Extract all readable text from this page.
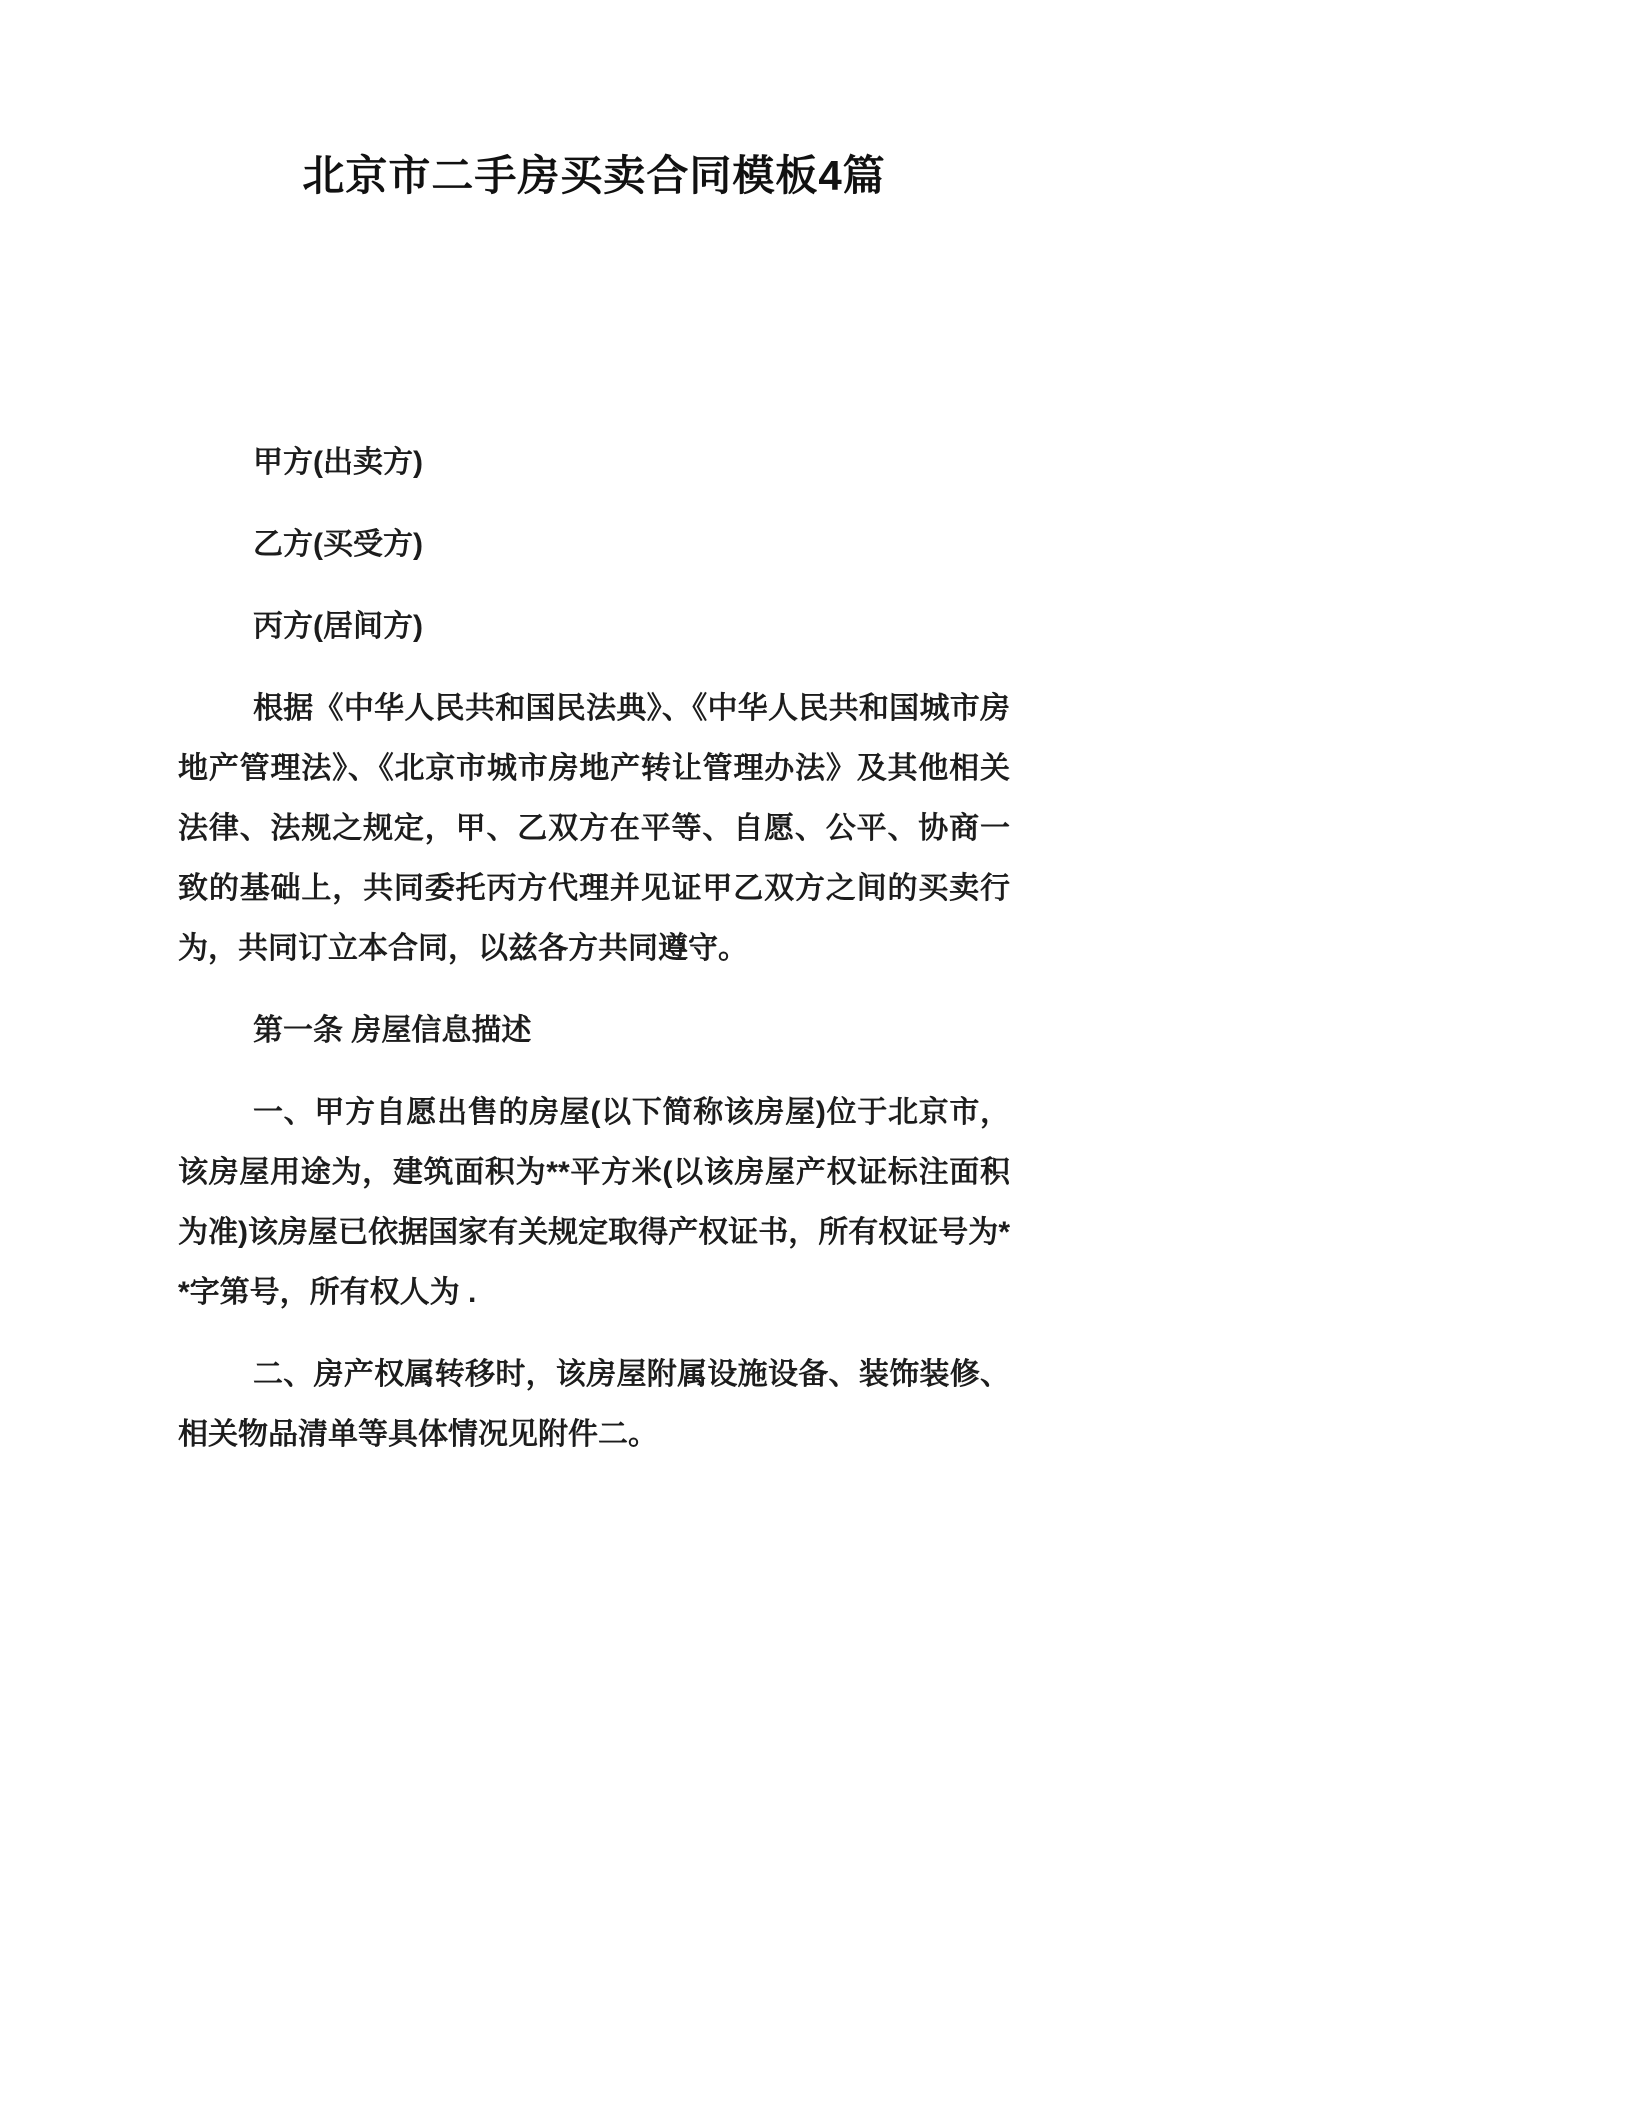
北京市二手房买卖合同模板4篇

甲方(出卖方)

乙方(买受方)

丙方(居间方)

根据《中华人民共和国民法典》、《中华人民共和国城市房地产管理法》、《北京市城市房地产转让管理办法》及其他相关法律、法规之规定，甲、乙双方在平等、自愿、公平、协商一致的基础上，共同委托丙方代理并见证甲乙双方之间的买卖行为，共同订立本合同，以兹各方共同遵守。

第一条 房屋信息描述

一、甲方自愿出售的房屋(以下简称该房屋)位于北京市，该房屋用途为，建筑面积为**平方米(以该房屋产权证标注面积为准)该房屋已依据国家有关规定取得产权证书，所有权证号为**字第号，所有权人为 .

二、房产权属转移时，该房屋附属设施设备、装饰装修、相关物品清单等具体情况见附件二。
